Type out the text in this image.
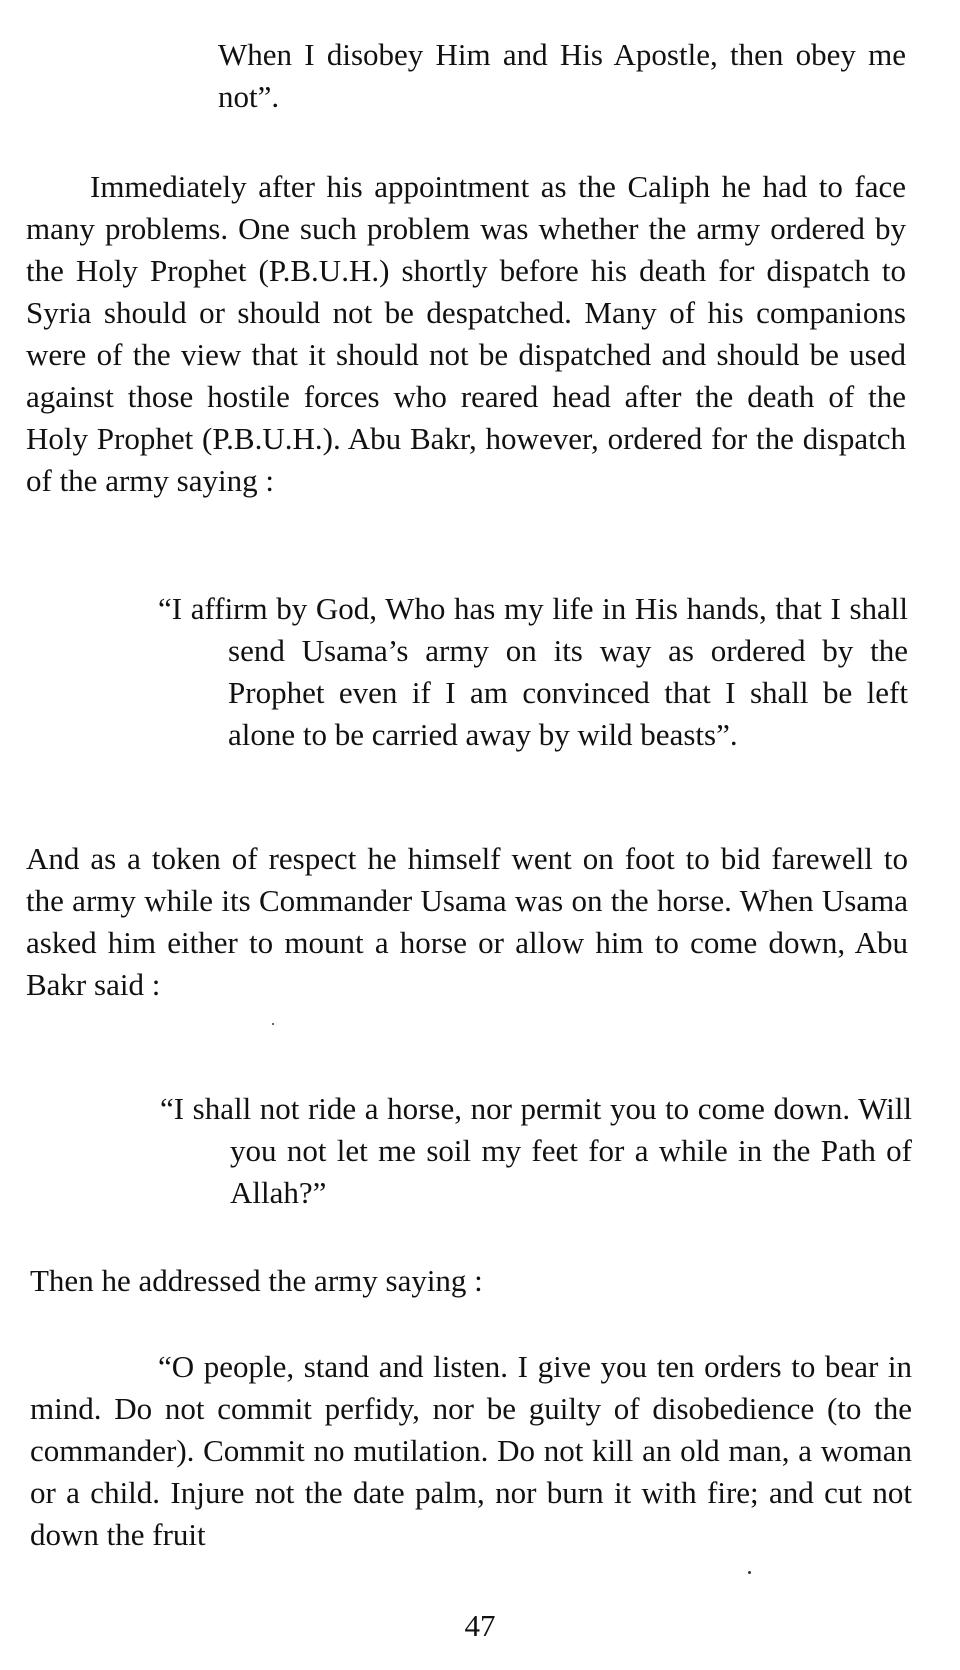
When I disobey Him and His Apostle, then obey me not”.

Immediately after his appointment as the Caliph he had to face many problems. One such problem was whether the army ordered by the Holy Prophet (P.B.U.H.) shortly before his death for dispatch to Syria should or should not be despatched. Many of his companions were of the view that it should not be dispatched and should be used against those hostile forces who reared head after the death of the Holy Prophet (P.B.U.H.). Abu Bakr, however, ordered for the dispatch of the army saying :

“I affirm by God, Who has my life in His hands, that I shall send Usama’s army on its way as ordered by the Prophet even if I am convinced that I shall be left alone to be carried away by wild beasts”.

And as a token of respect he himself went on foot to bid farewell to the army while its Commander Usama was on the horse. When Usama asked him either to mount a horse or allow him to come down, Abu Bakr said :

“I shall not ride a horse, nor permit you to come down. Will you not let me soil my feet for a while in the Path of Allah?”

Then he addressed the army saying :

“O people, stand and listen. I give you ten orders to bear in mind. Do not commit perfidy, nor be guilty of disobedience (to the commander). Commit no mutilation. Do not kill an old man, a woman or a child. Injure not the date palm, nor burn it with fire; and cut not down the fruit

47
